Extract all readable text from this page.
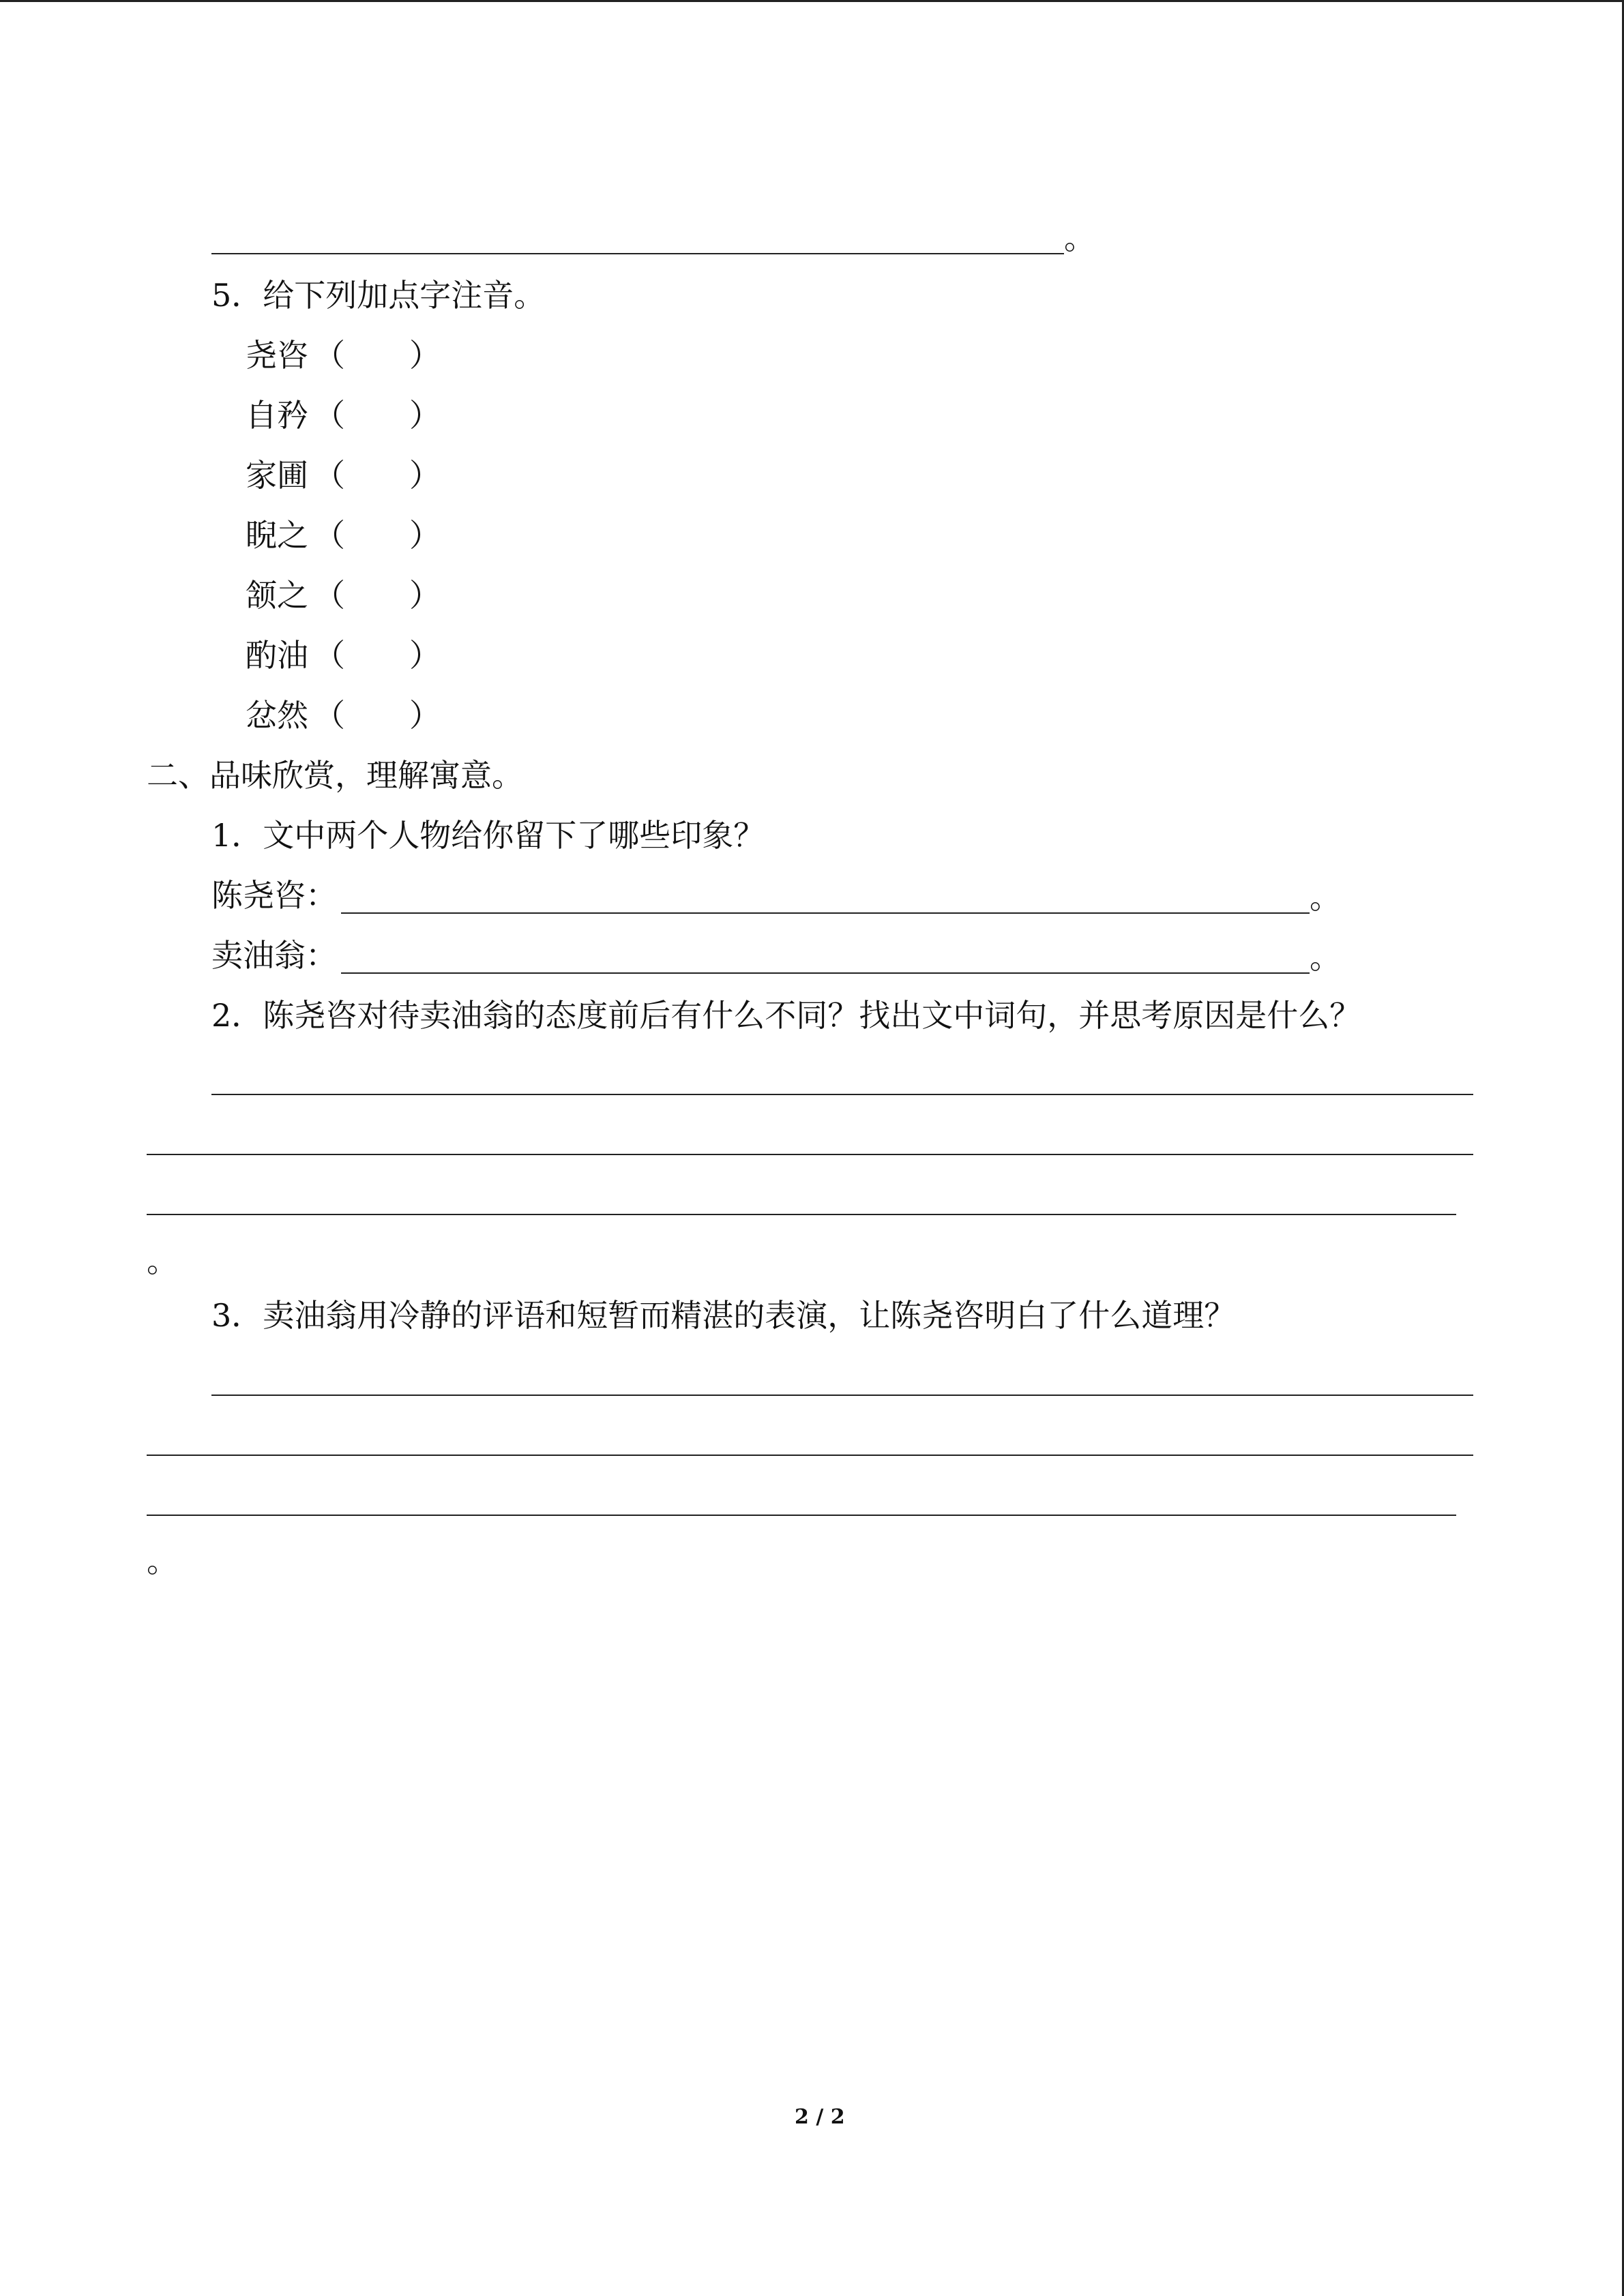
。
5．给下列加点字注音。
尧咨 （ ）
自矜 （ ）
家圃 （ ）
睨之 （ ）
颔之 （ ）
酌油 （ ）
忿然 （ ）
二、品味欣赏，理解寓意。
1．文中两个人物给你留下了哪些印象？
陈尧咨：	。
卖油翁：	。
2．陈尧咨对待卖油翁的态度前后有什么不同？找出文中词句，并思考原因是什么？
。
3．卖油翁用冷静的评语和短暂而精湛的表演，让陈尧咨明白了什么道理？
。
2 / 2
